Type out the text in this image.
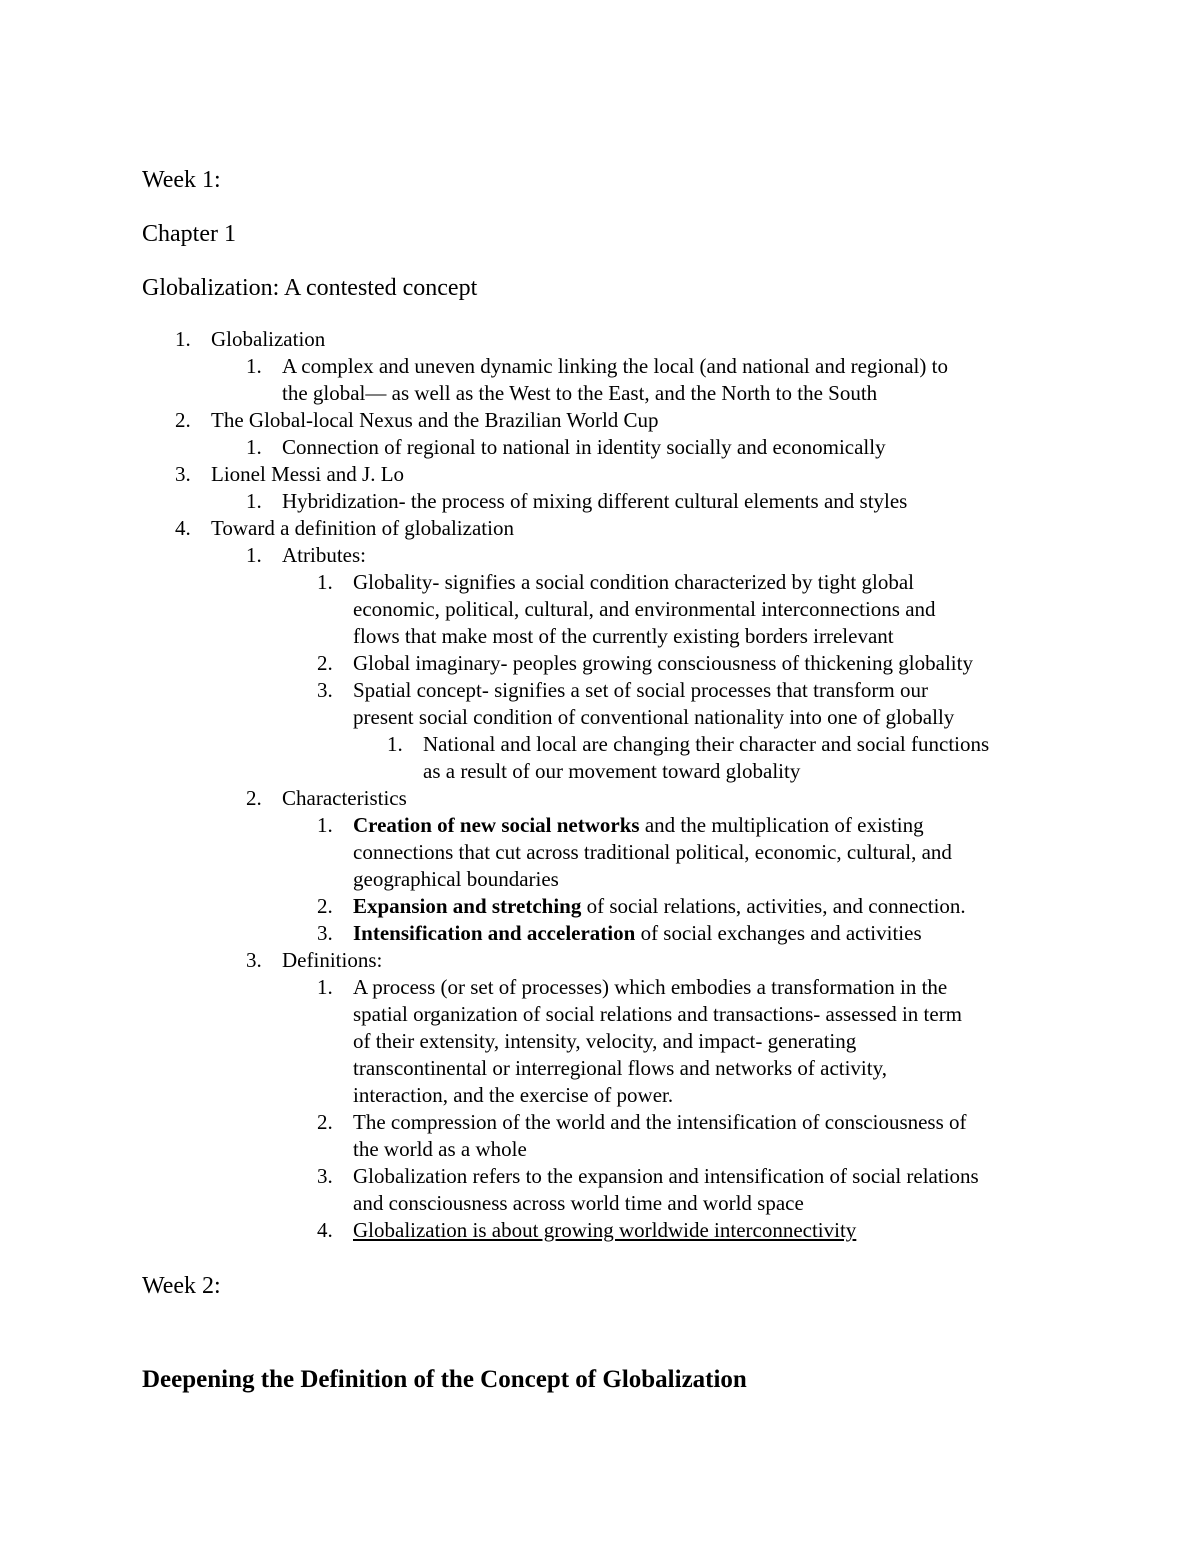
Week 1:
Chapter 1
Globalization: A contested concept
1. Globalization
1. A complex and uneven dynamic linking the local (and national and regional) to
the global— as well as the West to the East, and the North to the South
2. The Global-local Nexus and the Brazilian World Cup
1. Connection of regional to national in identity socially and economically
3. Lionel Messi and J. Lo
1. Hybridization- the process of mixing different cultural elements and styles
4. Toward a definition of globalization
1. Atributes:
1. Globality- signifies a social condition characterized by tight global
economic, political, cultural, and environmental interconnections and
flows that make most of the currently existing borders irrelevant
2. Global imaginary- peoples growing consciousness of thickening globality
3. Spatial concept- signifies a set of social processes that transform our
present social condition of conventional nationality into one of globally
1. National and local are changing their character and social functions
as a result of our movement toward globality
2. Characteristics
1. Creation of new social networks and the multiplication of existing
connections that cut across traditional political, economic, cultural, and
geographical boundaries
2. Expansion and stretching of social relations, activities, and connection.
3. Intensification and acceleration of social exchanges and activities
3. Definitions:
1. A process (or set of processes) which embodies a transformation in the
spatial organization of social relations and transactions- assessed in term
of their extensity, intensity, velocity, and impact- generating
transcontinental or interregional flows and networks of activity,
interaction, and the exercise of power.
2. The compression of the world and the intensification of consciousness of
the world as a whole
3. Globalization refers to the expansion and intensification of social relations
and consciousness across world time and world space
4. Globalization is about growing worldwide interconnectivity
Week 2:
Deepening the Definition of the Concept of Globalization
